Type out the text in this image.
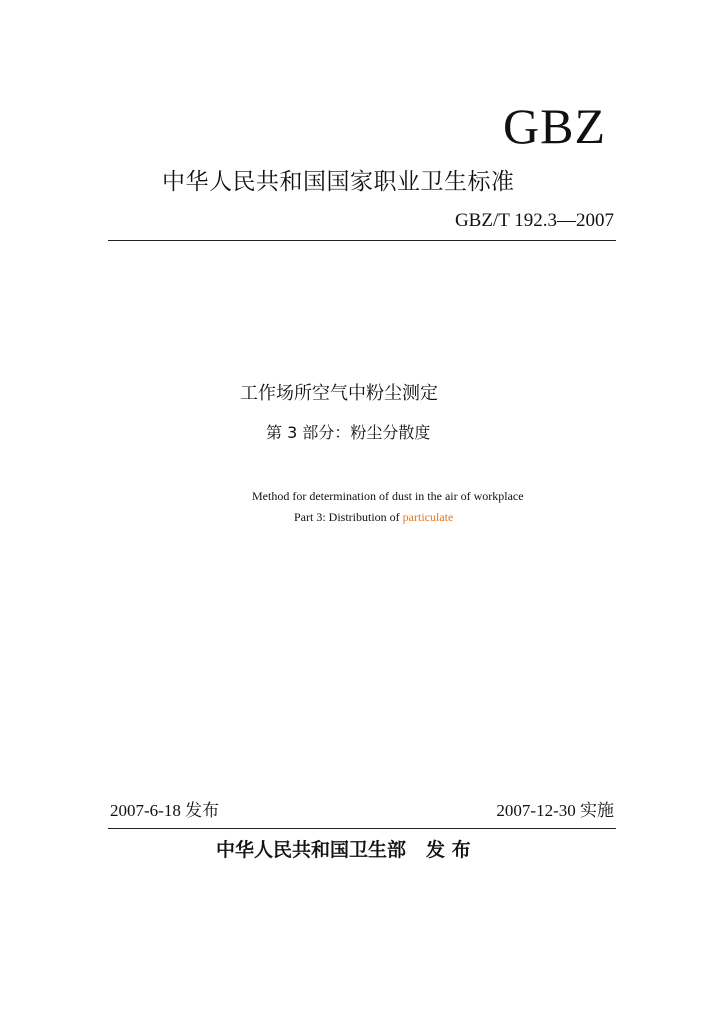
GBZ
中华人民共和国国家职业卫生标准
GBZ/T 192.3—2007
工作场所空气中粉尘测定
第 3 部分：粉尘分散度
Method for determination of dust in the air of workplace
Part 3: Distribution of particulate
2007-6-18 发布	2007-12-30 实施
中华人民共和国卫生部 发 布
